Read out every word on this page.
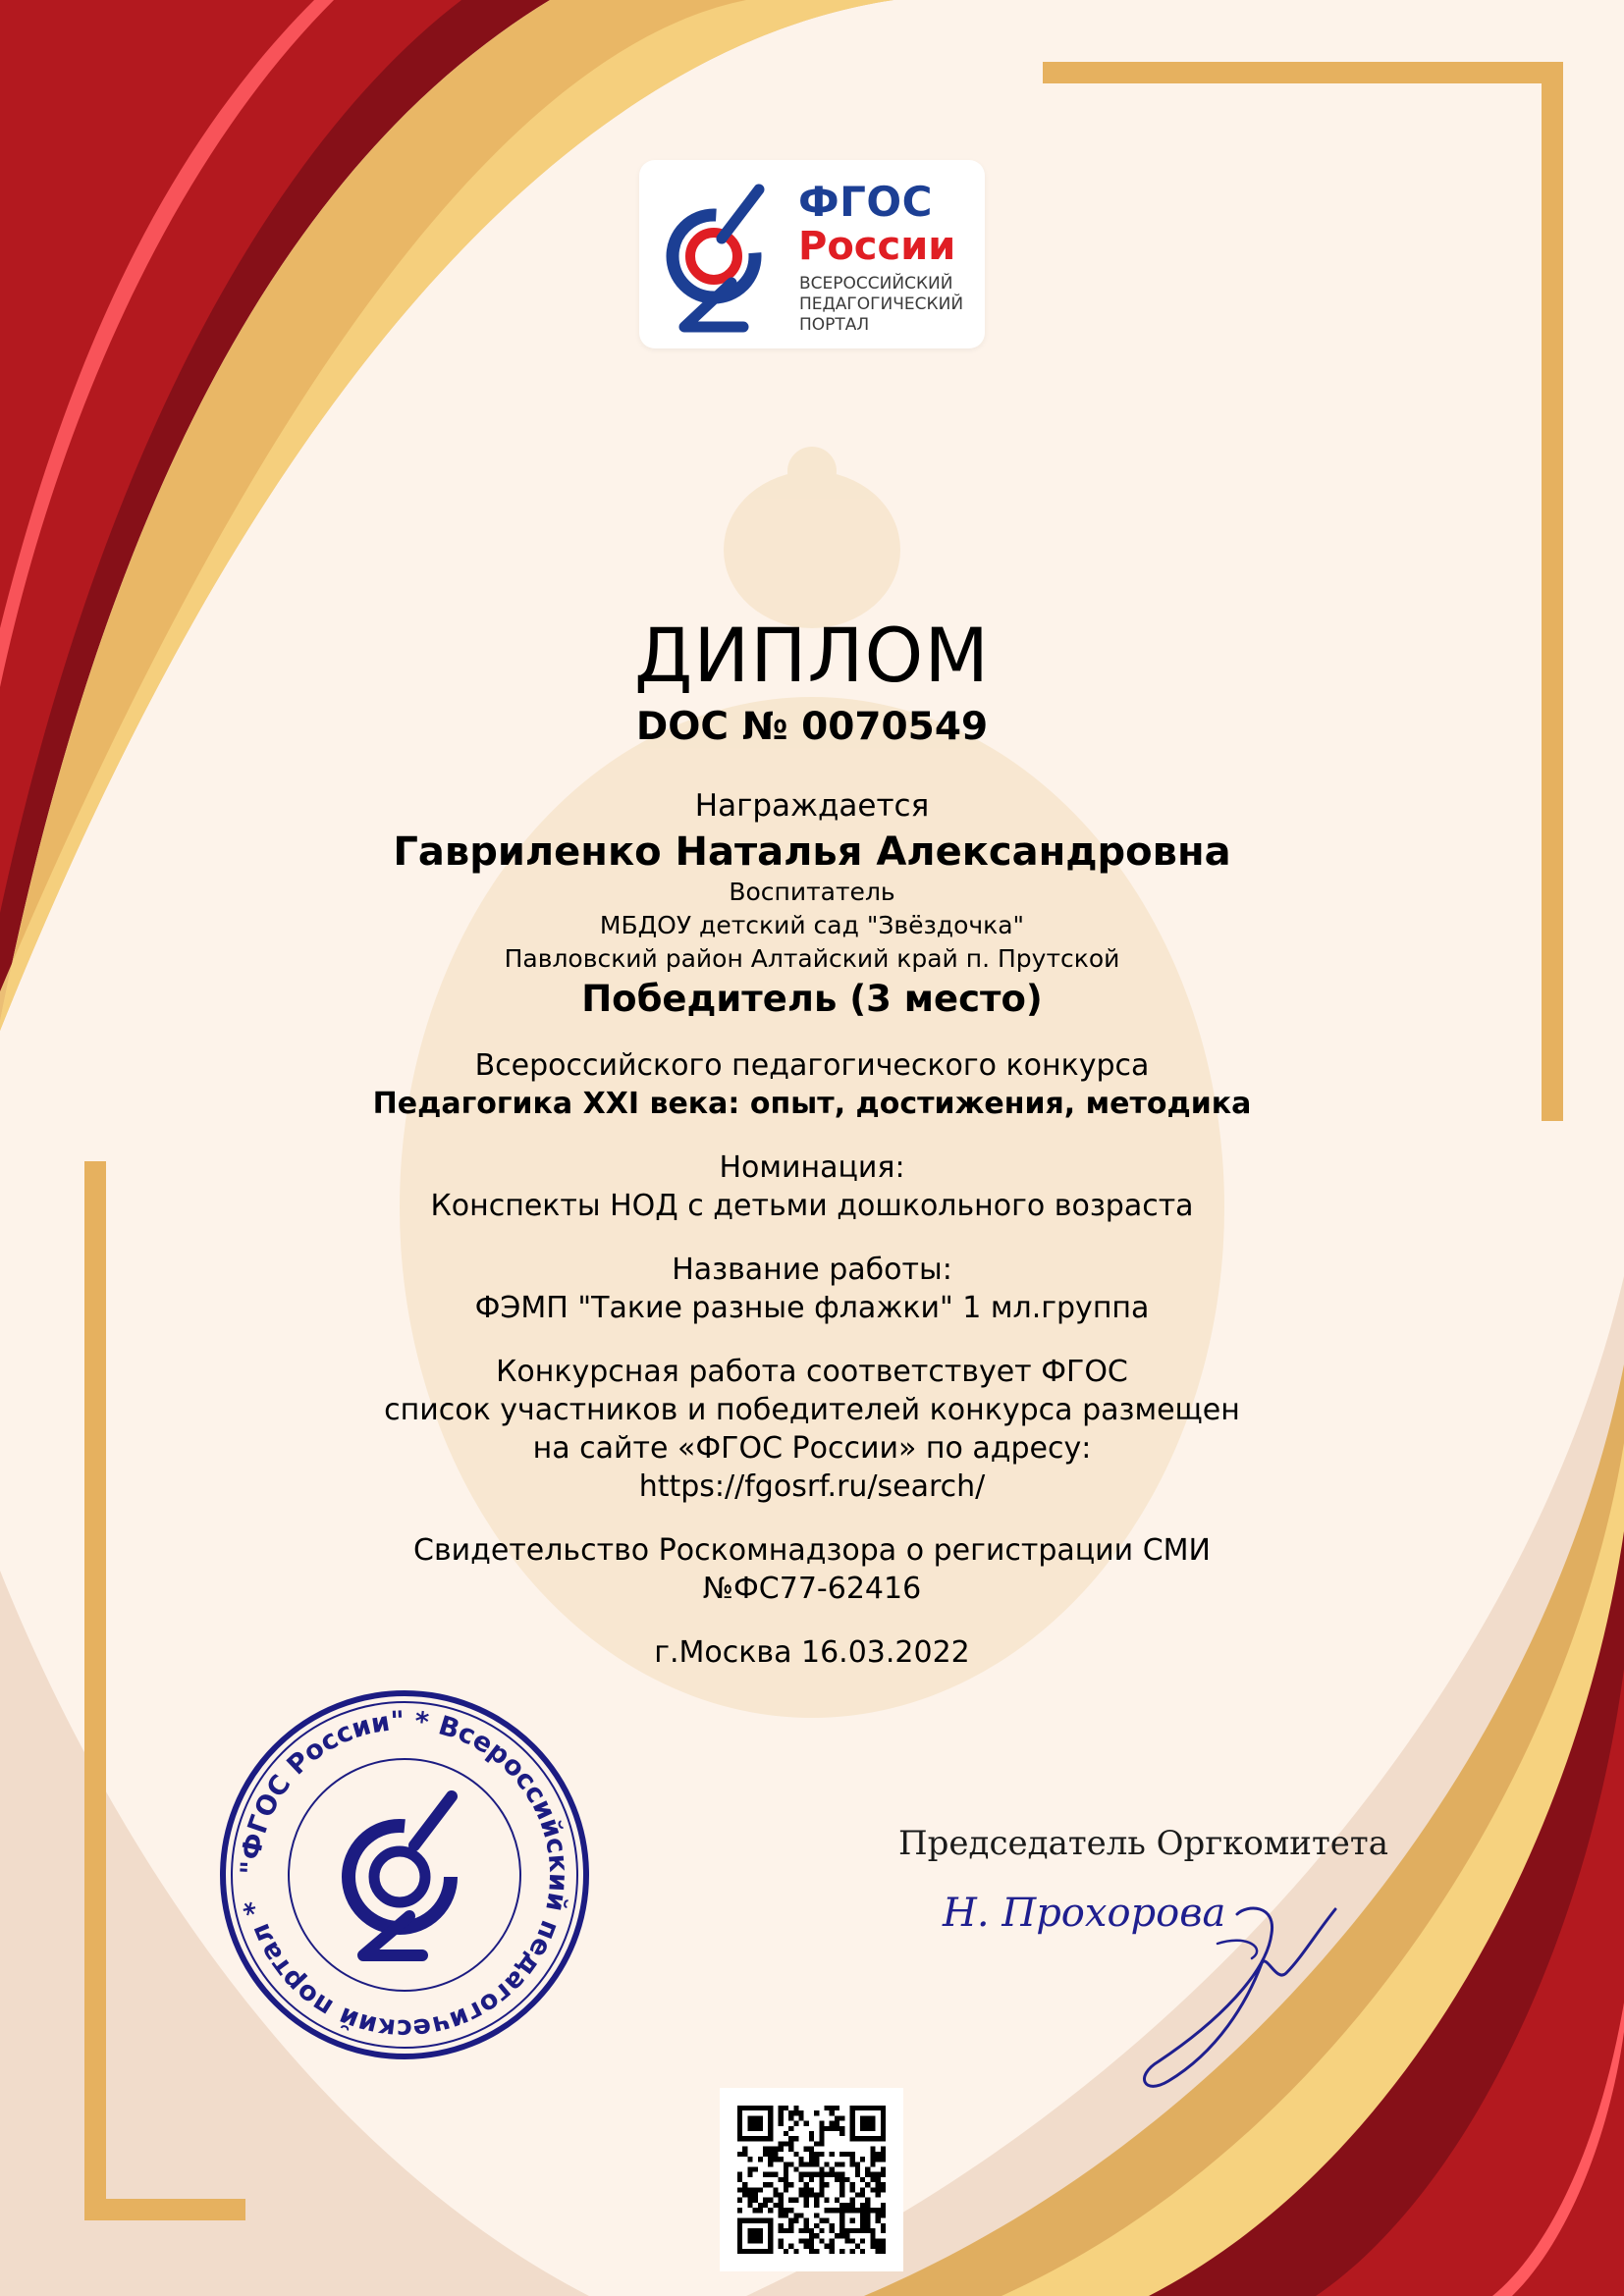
ФГОС
России
ВСЕРОССИЙСКИЙ
ПЕДАГОГИЧЕСКИЙ
ПОРТАЛ
ДИПЛОМ
DOC № 0070549
Награждается
Гавриленко Наталья Александровна
Воспитатель
МБДОУ детский сад "Звёздочка"
Павловский район Алтайский край п. Прутской
Победитель (3 место)
Всероссийского педагогического конкурса
Педагогика XXI века: опыт, достижения, методика
Номинация:
Конспекты НОД с детьми дошкольного возраста
Название работы:
ФЭМП "Такие разные флажки" 1 мл.группа
Конкурсная работа соответствует ФГОС
список участников и победителей конкурса размещен
на сайте «ФГОС России» по адресу:
https://fgosrf.ru/search/
Свидетельство Роскомнадзора о регистрации СМИ
№ФС77-62416
г.Москва 16.03.2022
Председатель Оргкомитета
Н. Прохорова
"ФГОС России" * Всероссийский педагогический портал *
